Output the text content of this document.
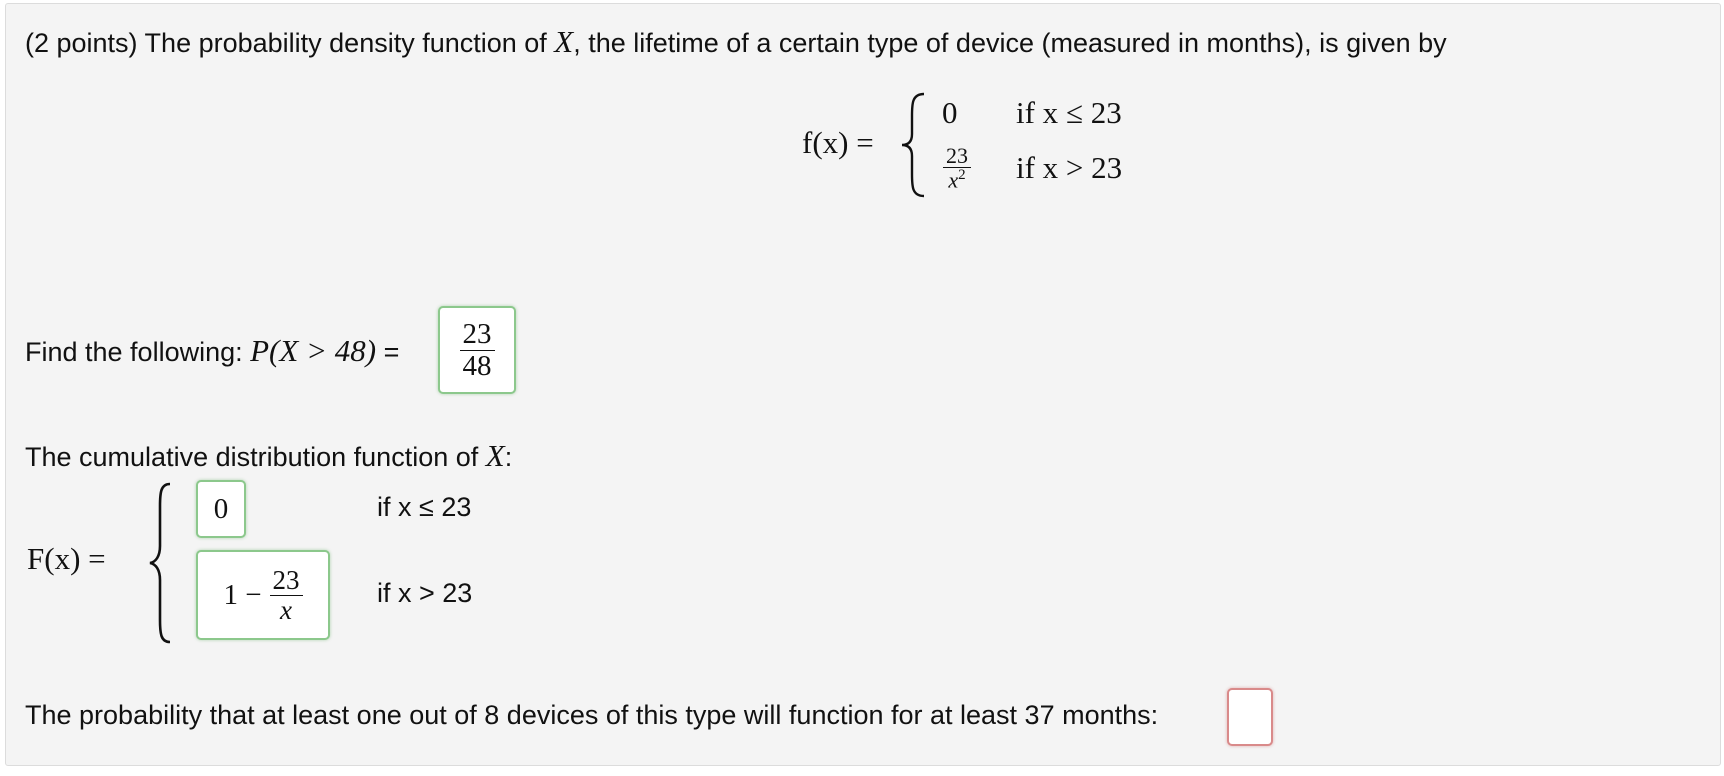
(2 points) The probability density function of X, the lifetime of a certain type of device (measured in months), is given by
f(x) =
0 if x ≤ 23
$\frac{23}{x^2}$ if x > 23
Find the following: $P(X > 48) = \frac{23}{48}$
The cumulative distribution function of X:
F(x) =
0	if x ≤ 23
$1 - \frac{23}{x}$	if x > 23
The probability that at least one out of 8 devices of this type will function for at least 37 months:
